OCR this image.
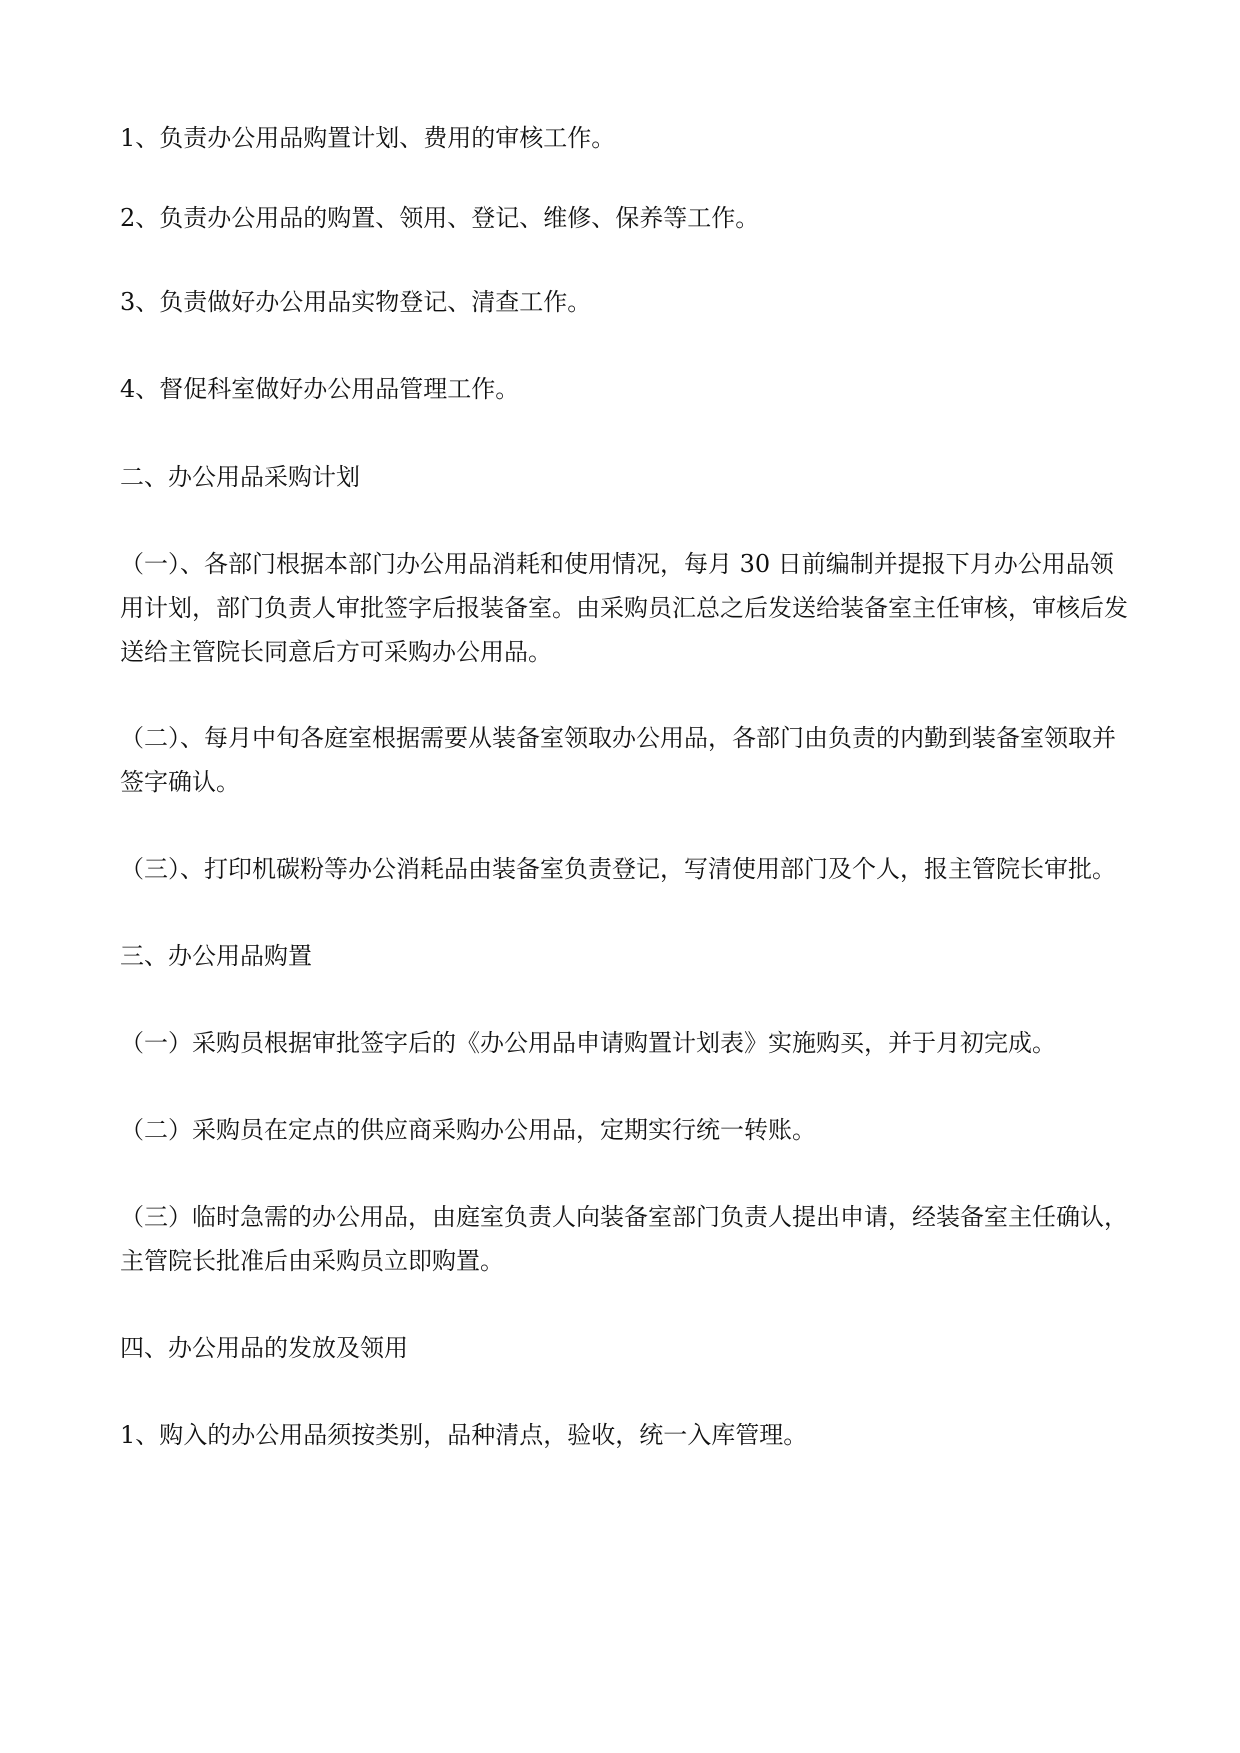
1、负责办公用品购置计划、费用的审核工作。

2、负责办公用品的购置、领用、登记、维修、保养等工作。

3、负责做好办公用品实物登记、清查工作。

4、督促科室做好办公用品管理工作。

二、办公用品采购计划

（一）、各部门根据本部门办公用品消耗和使用情况，每月 30 日前编制并提报下月办公用品领用计划，部门负责人审批签字后报装备室。由采购员汇总之后发送给装备室主任审核，审核后发送给主管院长同意后方可采购办公用品。

（二）、每月中旬各庭室根据需要从装备室领取办公用品，各部门由负责的内勤到装备室领取并签字确认。

（三）、打印机碳粉等办公消耗品由装备室负责登记，写清使用部门及个人，报主管院长审批。

三、办公用品购置

（一）采购员根据审批签字后的《办公用品申请购置计划表》实施购买，并于月初完成。

（二）采购员在定点的供应商采购办公用品，定期实行统一转账。

（三）临时急需的办公用品，由庭室负责人向装备室部门负责人提出申请，经装备室主任确认，主管院长批准后由采购员立即购置。

四、办公用品的发放及领用

1、购入的办公用品须按类别，品种清点，验收，统一入库管理。
